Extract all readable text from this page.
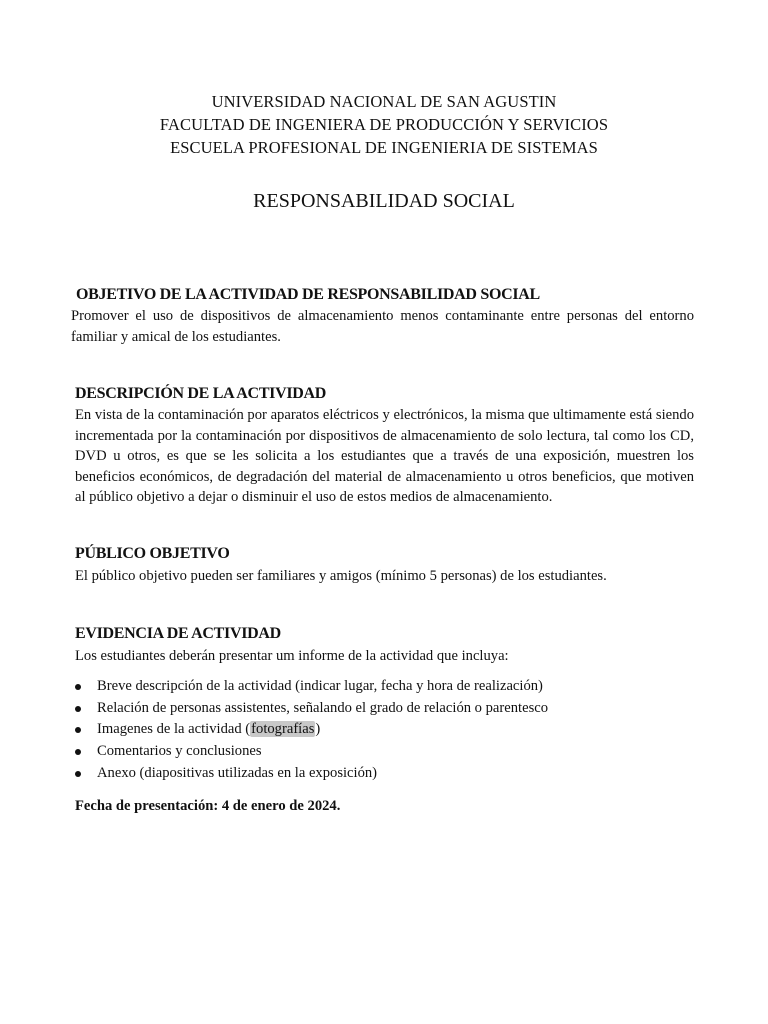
UNIVERSIDAD NACIONAL DE SAN AGUSTIN
FACULTAD DE INGENIERA DE PRODUCCIÓN Y SERVICIOS
ESCUELA PROFESIONAL DE INGENIERIA DE SISTEMAS
RESPONSABILIDAD SOCIAL
OBJETIVO DE LA ACTIVIDAD DE RESPONSABILIDAD SOCIAL
Promover el uso de dispositivos de almacenamiento menos contaminante entre personas del entorno familiar y amical de los estudiantes.
DESCRIPCIÓN DE LA ACTIVIDAD
En vista de la contaminación por aparatos eléctricos y electrónicos, la misma que ultimamente está siendo incrementada por la contaminación por dispositivos de almacenamiento de solo lectura, tal como los CD, DVD u otros, es que se les solicita a los estudiantes que a través de una exposición, muestren los beneficios económicos, de degradación del material de almacenamiento u otros beneficios, que motiven al público objetivo a dejar o disminuir el uso de estos medios de almacenamiento.
PÚBLICO OBJETIVO
El público objetivo pueden ser familiares y amigos (mínimo 5 personas) de los estudiantes.
EVIDENCIA DE ACTIVIDAD
Los estudiantes deberán presentar um informe de la actividad que incluya:
Breve descripción de la actividad (indicar lugar, fecha y hora de realización)
Relación de personas assistentes, señalando el grado de relación o parentesco
Imagenes de la actividad (fotografías)
Comentarios y conclusiones
Anexo (diapositivas utilizadas en la exposición)
Fecha de presentación: 4 de enero de 2024.
